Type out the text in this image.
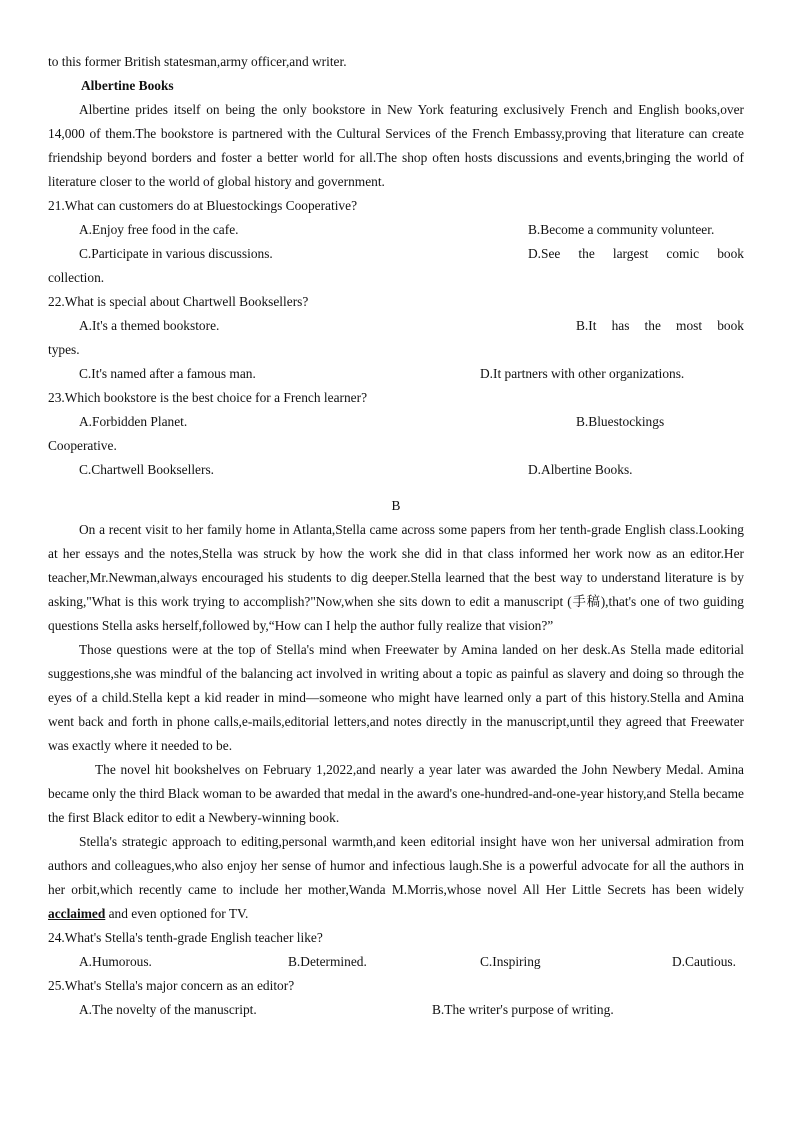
to this former British statesman,army officer,and writer.

Albertine Books

Albertine prides itself on being the only bookstore in New York featuring exclusively French and English books,over 14,000 of them.The bookstore is partnered with the Cultural Services of the French Embassy,proving that literature can create friendship beyond borders and foster a better world for all.The shop often hosts discussions and events,bringing the world of literature closer to the world of global history and government.

21.What can customers do at Bluestockings Cooperative?

A.Enjoy free food in the cafe.	B.Become a community volunteer.
C.Participate in various discussions.	D.See the largest comic book

collection.

22.What is special about Chartwell Booksellers?

A.It's a themed bookstore.	B.It has the most book

types.

C.It's named after a famous man.	D.It partners with other organizations.

23.Which bookstore is the best choice for a French learner?

A.Forbidden Planet.	B.Bluestockings

Cooperative.

C.Chartwell Booksellers.	D.Albertine Books.

B

On a recent visit to her family home in Atlanta,Stella came across some papers from her tenth-grade English class.Looking at her essays and the notes,Stella was struck by how the work she did in that class informed her work now as an editor.Her teacher,Mr.Newman,always encouraged his students to dig deeper.Stella learned that the best way to understand literature is by asking,"What is this work trying to accomplish?"Now,when she sits down to edit a manuscript (手稿),that's one of two guiding questions Stella asks herself,followed by,“How can I help the author fully realize that vision?”

Those questions were at the top of Stella's mind when Freewater by Amina landed on her desk.As Stella made editorial suggestions,she was mindful of the balancing act involved in writing about a topic as painful as slavery and doing so through the eyes of a child.Stella kept a kid reader in mind—someone who might have learned only a part of this history.Stella and Amina went back and forth in phone calls,e-mails,editorial letters,and notes directly in the manuscript,until they agreed that Freewater was exactly where it needed to be.

The novel hit bookshelves on February 1,2022,and nearly a year later was awarded the John Newbery Medal. Amina became only the third Black woman to be awarded that medal in the award's one-hundred-and-one-year history,and Stella became the first Black editor to edit a Newbery-winning book.

Stella's strategic approach to editing,personal warmth,and keen editorial insight have won her universal admiration from authors and colleagues,who also enjoy her sense of humor and infectious laugh.She is a powerful advocate for all the authors in her orbit,which recently came to include her mother,Wanda M.Morris,whose novel All Her Little Secrets has been widely acclaimed and even optioned for TV.

24.What's Stella's tenth-grade English teacher like?

A.Humorous.	B.Determined.	C.Inspiring	D.Cautious.

25.What's Stella's major concern as an editor?

A.The novelty of the manuscript.	B.The writer's purpose of writing.
